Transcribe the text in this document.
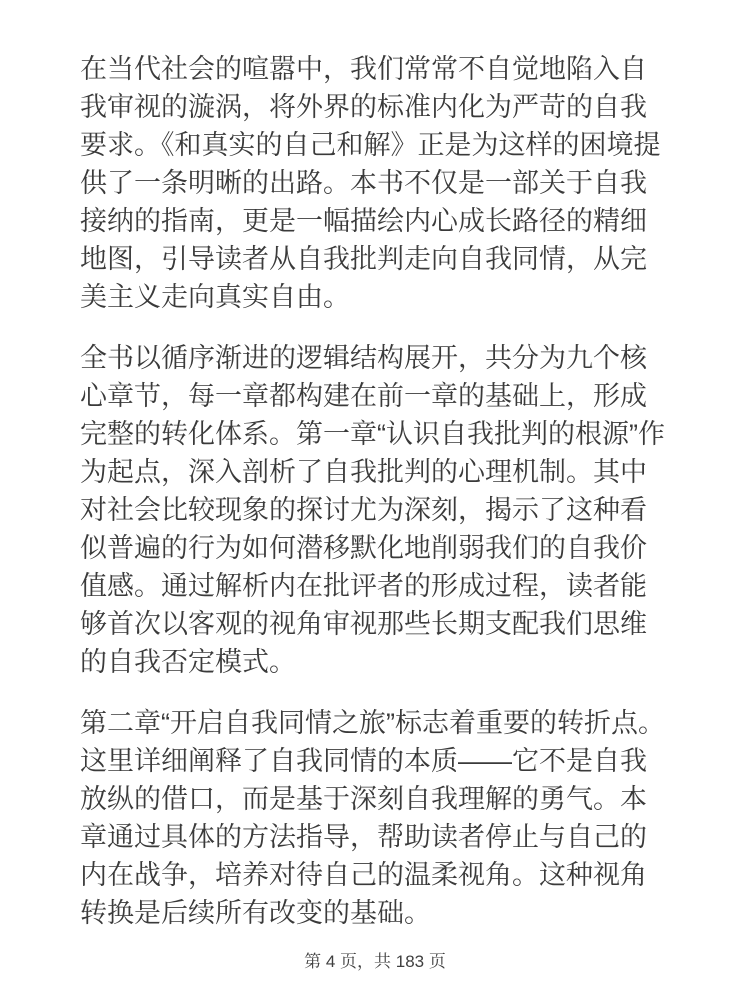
在当代社会的喧嚣中，我们常常不自觉地陷入自我审视的漩涡，将外界的标准内化为严苛的自我要求。《和真实的自己和解》正是为这样的困境提供了一条明晰的出路。本书不仅是一部关于自我接纳的指南，更是一幅描绘内心成长路径的精细地图，引导读者从自我批判走向自我同情，从完美主义走向真实自由。

全书以循序渐进的逻辑结构展开，共分为九个核心章节，每一章都构建在前一章的基础上，形成完整的转化体系。第一章“认识自我批判的根源”作为起点，深入剖析了自我批判的心理机制。其中对社会比较现象的探讨尤为深刻，揭示了这种看似普遍的行为如何潜移默化地削弱我们的自我价值感。通过解析内在批评者的形成过程，读者能够首次以客观的视角审视那些长期支配我们思维的自我否定模式。

第二章“开启自我同情之旅”标志着重要的转折点。这里详细阐释了自我同情的本质——它不是自我放纵的借口，而是基于深刻自我理解的勇气。本章通过具体的方法指导，帮助读者停止与自己的内在战争，培养对待自己的温柔视角。这种视角转换是后续所有改变的基础。

第 4 页，共 183 页
